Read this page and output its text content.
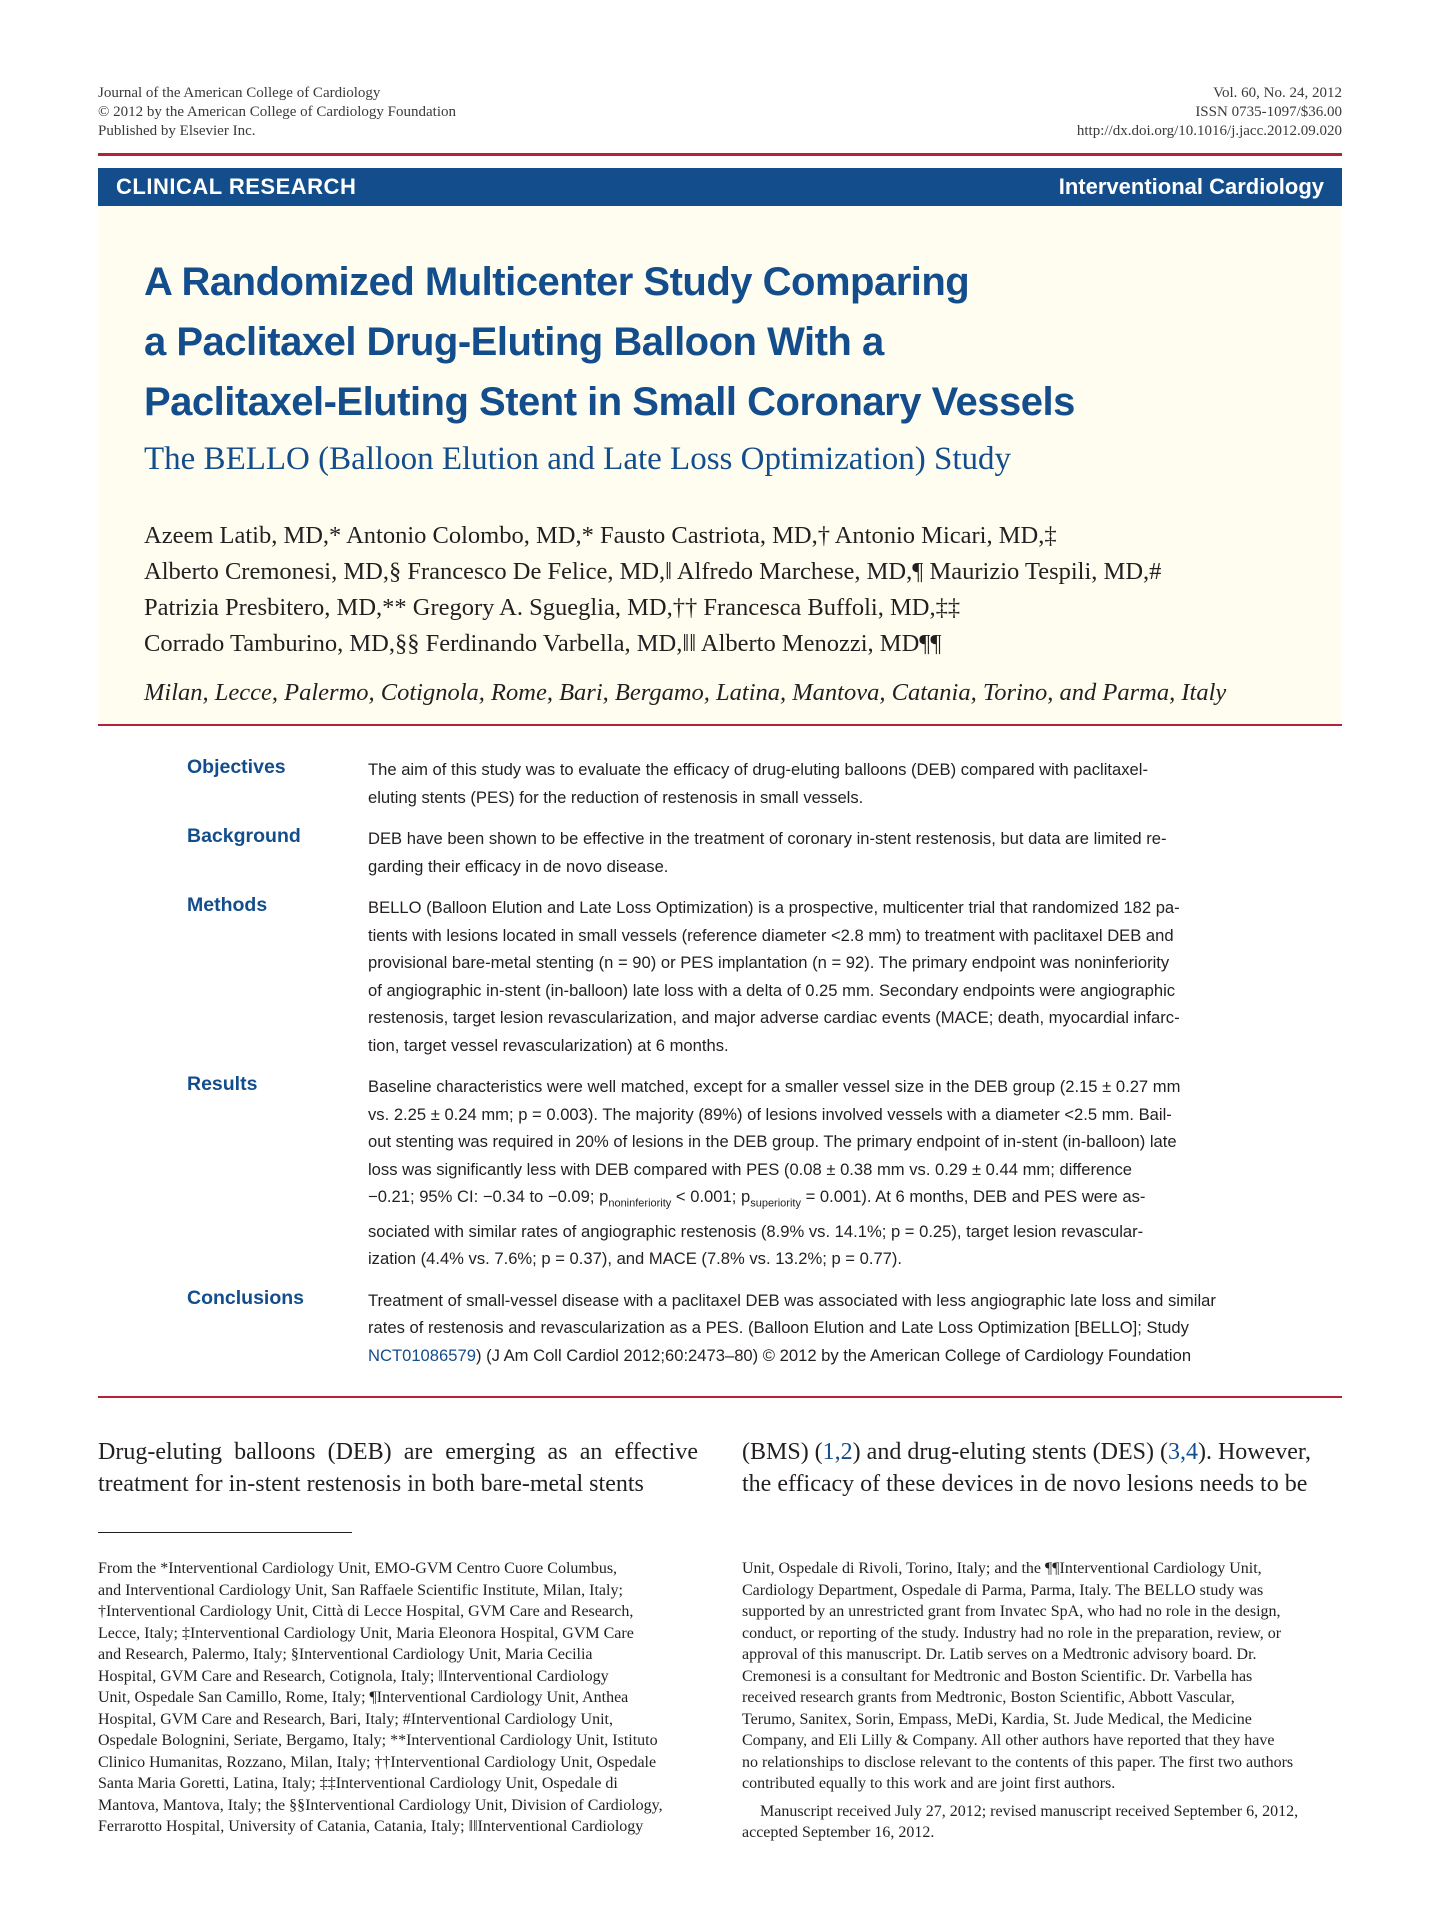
Journal of the American College of Cardiology
© 2012 by the American College of Cardiology Foundation
Published by Elsevier Inc.
Vol. 60, No. 24, 2012
ISSN 0735-1097/$36.00
http://dx.doi.org/10.1016/j.jacc.2012.09.020
CLINICAL RESEARCH	Interventional Cardiology
A Randomized Multicenter Study Comparing
a Paclitaxel Drug-Eluting Balloon With a
Paclitaxel-Eluting Stent in Small Coronary Vessels
The BELLO (Balloon Elution and Late Loss Optimization) Study
Azeem Latib, MD,* Antonio Colombo, MD,* Fausto Castriota, MD,† Antonio Micari, MD,‡
Alberto Cremonesi, MD,§ Francesco De Felice, MD,‖ Alfredo Marchese, MD,¶ Maurizio Tespili, MD,#
Patrizia Presbitero, MD,** Gregory A. Sgueglia, MD,†† Francesca Buffoli, MD,‡‡
Corrado Tamburino, MD,§§ Ferdinando Varbella, MD,‖‖ Alberto Menozzi, MD¶¶
Milan, Lecce, Palermo, Cotignola, Rome, Bari, Bergamo, Latina, Mantova, Catania, Torino, and Parma, Italy
Objectives	The aim of this study was to evaluate the efficacy of drug-eluting balloons (DEB) compared with paclitaxel-
eluting stents (PES) for the reduction of restenosis in small vessels.
Background	DEB have been shown to be effective in the treatment of coronary in-stent restenosis, but data are limited re-
garding their efficacy in de novo disease.
Methods	BELLO (Balloon Elution and Late Loss Optimization) is a prospective, multicenter trial that randomized 182 pa-
tients with lesions located in small vessels (reference diameter <2.8 mm) to treatment with paclitaxel DEB and
provisional bare-metal stenting (n = 90) or PES implantation (n = 92). The primary endpoint was noninferiority
of angiographic in-stent (in-balloon) late loss with a delta of 0.25 mm. Secondary endpoints were angiographic
restenosis, target lesion revascularization, and major adverse cardiac events (MACE; death, myocardial infarc-
tion, target vessel revascularization) at 6 months.
Results	Baseline characteristics were well matched, except for a smaller vessel size in the DEB group (2.15 ± 0.27 mm
vs. 2.25 ± 0.24 mm; p = 0.003). The majority (89%) of lesions involved vessels with a diameter <2.5 mm. Bail-
out stenting was required in 20% of lesions in the DEB group. The primary endpoint of in-stent (in-balloon) late
loss was significantly less with DEB compared with PES (0.08 ± 0.38 mm vs. 0.29 ± 0.44 mm; difference
−0.21; 95% CI: −0.34 to −0.09; $p_{noninferiority} < 0.001$; $p_{superiority} = 0.001$). At 6 months, DEB and PES were as-
sociated with similar rates of angiographic restenosis (8.9% vs. 14.1%; p = 0.25), target lesion revascular-
ization (4.4% vs. 7.6%; p = 0.37), and MACE (7.8% vs. 13.2%; p = 0.77).
Conclusions	Treatment of small-vessel disease with a paclitaxel DEB was associated with less angiographic late loss and similar
rates of restenosis and revascularization as a PES. (Balloon Elution and Late Loss Optimization [BELLO]; Study
NCT01086579) (J Am Coll Cardiol 2012;60:2473–80) © 2012 by the American College of Cardiology Foundation
Drug-eluting balloons (DEB) are emerging as an effective
treatment for in-stent restenosis in both bare-metal stents
(BMS) (1,2) and drug-eluting stents (DES) (3,4). However,
the efficacy of these devices in de novo lesions needs to be
From the *Interventional Cardiology Unit, EMO-GVM Centro Cuore Columbus,
and Interventional Cardiology Unit, San Raffaele Scientific Institute, Milan, Italy;
†Interventional Cardiology Unit, Città di Lecce Hospital, GVM Care and Research,
Lecce, Italy; ‡Interventional Cardiology Unit, Maria Eleonora Hospital, GVM Care
and Research, Palermo, Italy; §Interventional Cardiology Unit, Maria Cecilia
Hospital, GVM Care and Research, Cotignola, Italy; ‖Interventional Cardiology
Unit, Ospedale San Camillo, Rome, Italy; ¶Interventional Cardiology Unit, Anthea
Hospital, GVM Care and Research, Bari, Italy; #Interventional Cardiology Unit,
Ospedale Bolognini, Seriate, Bergamo, Italy; **Interventional Cardiology Unit, Istituto
Clinico Humanitas, Rozzano, Milan, Italy; ††Interventional Cardiology Unit, Ospedale
Santa Maria Goretti, Latina, Italy; ‡‡Interventional Cardiology Unit, Ospedale di
Mantova, Mantova, Italy; the §§Interventional Cardiology Unit, Division of Cardiology,
Ferrarotto Hospital, University of Catania, Catania, Italy; ‖‖Interventional Cardiology
Unit, Ospedale di Rivoli, Torino, Italy; and the ¶¶Interventional Cardiology Unit,
Cardiology Department, Ospedale di Parma, Parma, Italy. The BELLO study was
supported by an unrestricted grant from Invatec SpA, who had no role in the design,
conduct, or reporting of the study. Industry had no role in the preparation, review, or
approval of this manuscript. Dr. Latib serves on a Medtronic advisory board. Dr.
Cremonesi is a consultant for Medtronic and Boston Scientific. Dr. Varbella has
received research grants from Medtronic, Boston Scientific, Abbott Vascular,
Terumo, Sanitex, Sorin, Empass, MeDi, Kardia, St. Jude Medical, the Medicine
Company, and Eli Lilly & Company. All other authors have reported that they have
no relationships to disclose relevant to the contents of this paper. The first two authors
contributed equally to this work and are joint first authors.
Manuscript received July 27, 2012; revised manuscript received September 6, 2012,
accepted September 16, 2012.
